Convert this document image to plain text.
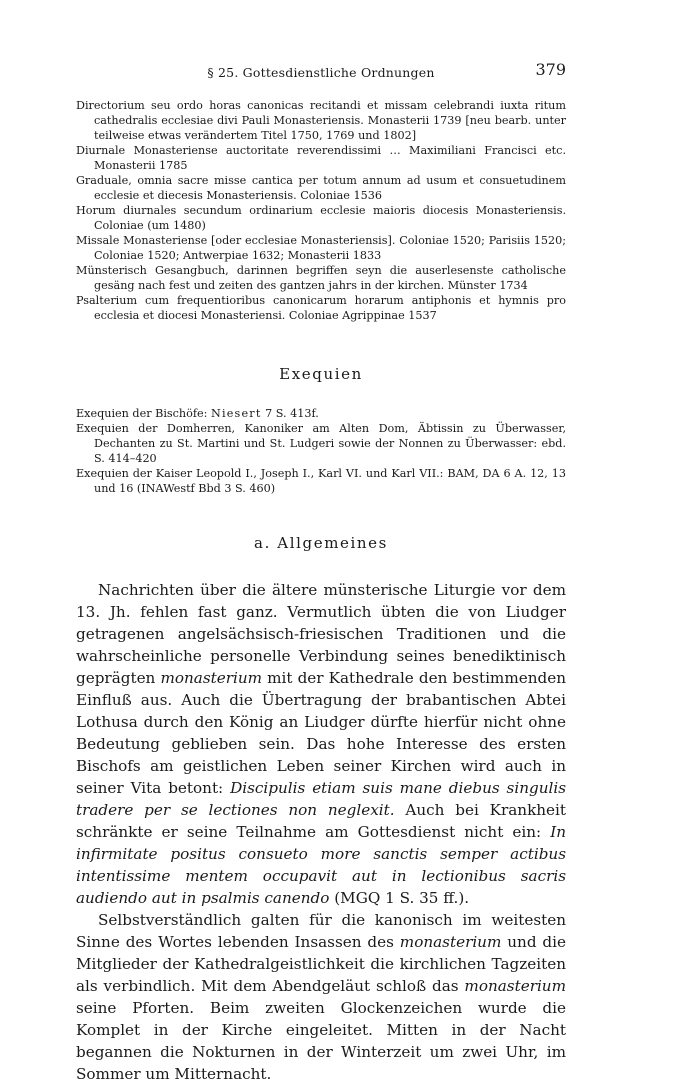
§ 25. Gottesdienstliche Ordnungen	379

Directorium seu ordo horas canonicas recitandi et missam celebrandi iuxta ritum cathedralis ecclesiae divi Pauli Monasteriensis. Monasterii 1739 [neu bearb. unter teilweise etwas verändertem Titel 1750, 1769 und 1802]

Diurnale Monasteriense auctoritate reverendissimi … Maximiliani Francisci etc. Monasterii 1785

Graduale, omnia sacre misse cantica per totum annum ad usum et consuetudinem ecclesie et diecesis Monasteriensis. Coloniae 1536

Horum diurnales secundum ordinarium ecclesie maioris diocesis Monasteriensis. Coloniae (um 1480)

Missale Monasteriense [oder ecclesiae Monasteriensis]. Coloniae 1520; Parisiis 1520; Coloniae 1520; Antwerpiae 1632; Monasterii 1833

Münsterisch Gesangbuch, darinnen begriffen seyn die auserlesenste catholische gesäng nach fest und zeiten des gantzen jahrs in der kirchen. Münster 1734

Psalterium cum frequentioribus canonicarum horarum antiphonis et hymnis pro ecclesia et diocesi Monasteriensi. Coloniae Agrippinae 1537

Exequien

Exequien der Bischöfe: Niesert 7 S. 413f.

Exequien der Domherren, Kanoniker am Alten Dom, Äbtissin zu Überwasser, Dechanten zu St. Martini und St. Ludgeri sowie der Nonnen zu Überwasser: ebd. S. 414–420

Exequien der Kaiser Leopold I., Joseph I., Karl VI. und Karl VII.: BAM, DA 6 A. 12, 13 und 16 (INAWestf Bbd 3 S. 460)

a. Allgemeines

Nachrichten über die ältere münsterische Liturgie vor dem 13. Jh. fehlen fast ganz. Vermutlich übten die von Liudger getragenen angelsächsisch-friesischen Traditionen und die wahrscheinliche personelle Verbindung seines benediktinisch geprägten monasterium mit der Kathedrale den bestimmenden Einfluß aus. Auch die Übertragung der brabantischen Abtei Lothusa durch den König an Liudger dürfte hierfür nicht ohne Bedeutung geblieben sein. Das hohe Interesse des ersten Bischofs am geistlichen Leben seiner Kirchen wird auch in seiner Vita betont: Discipulis etiam suis mane diebus singulis tradere per se lectiones non neglexit. Auch bei Krankheit schränkte er seine Teilnahme am Gottesdienst nicht ein: In infirmitate positus consueto more sanctis semper actibus intentissime mentem occupavit aut in lectionibus sacris audiendo aut in psalmis canendo (MGQ 1 S. 35 ff.).

Selbstverständlich galten für die kanonisch im weitesten Sinne des Wortes lebenden Insassen des monasterium und die Mitglieder der Kathedralgeistlichkeit die kirchlichen Tagzeiten als verbindlich. Mit dem Abendgeläut schloß das monasterium seine Pforten. Beim zweiten Glockenzeichen wurde die Komplet in der Kirche eingeleitet. Mitten in der Nacht begannen die Nokturnen in der Winterzeit um zwei Uhr, im Sommer um Mitternacht.
